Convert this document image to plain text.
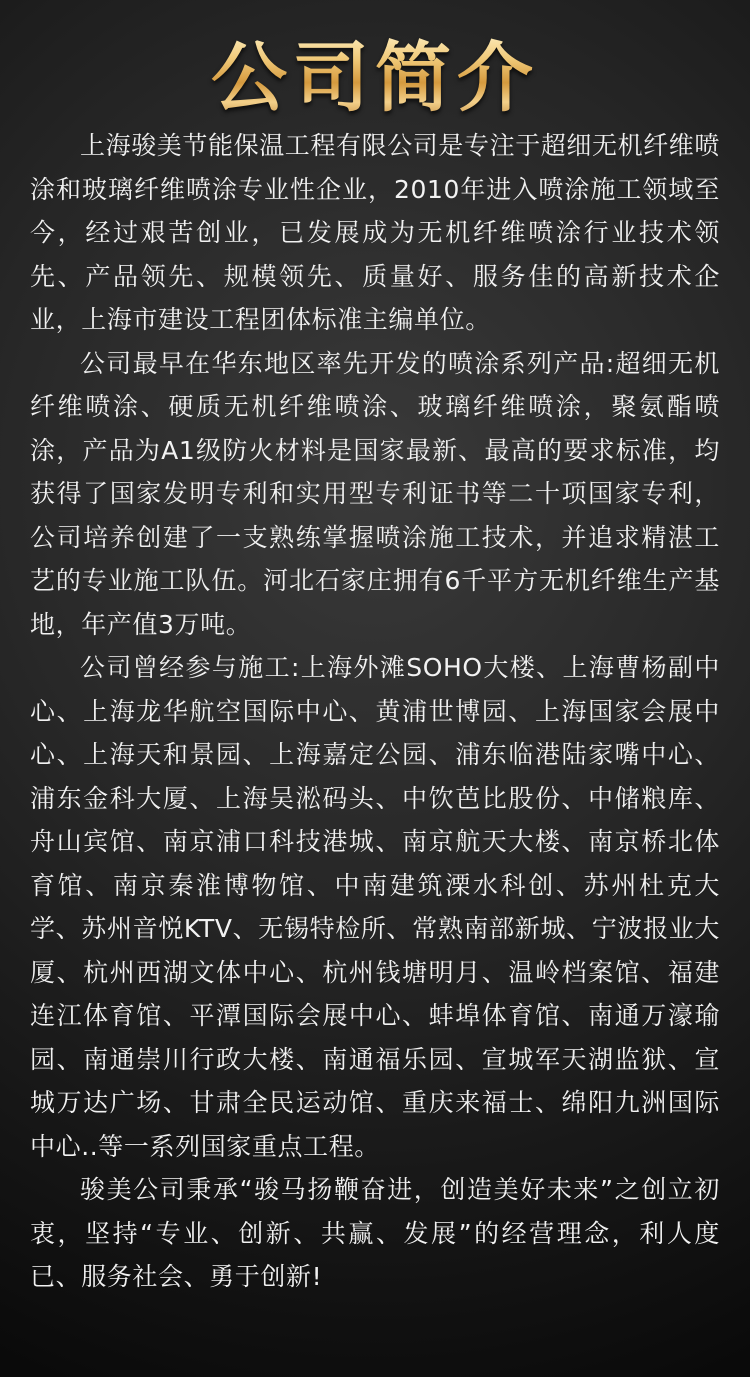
公司简介

上海骏美节能保温工程有限公司是专注于超细无机纤维喷涂和玻璃纤维喷涂专业性企业，2010年进入喷涂施工领域至今，经过艰苦创业，已发展成为无机纤维喷涂行业技术领先、产品领先、规模领先、质量好、服务佳的高新技术企业，上海市建设工程团体标准主编单位。

公司最早在华东地区率先开发的喷涂系列产品:超细无机纤维喷涂、硬质无机纤维喷涂、玻璃纤维喷涂，聚氨酯喷涂，产品为A1级防火材料是国家最新、最高的要求标准，均获得了国家发明专利和实用型专利证书等二十项国家专利，公司培养创建了一支熟练掌握喷涂施工技术，并追求精湛工艺的专业施工队伍。河北石家庄拥有6千平方无机纤维生产基地，年产值3万吨。

公司曾经参与施工:上海外滩SOHO大楼、上海曹杨副中心、上海龙华航空国际中心、黄浦世博园、上海国家会展中心、上海天和景园、上海嘉定公园、浦东临港陆家嘴中心、浦东金科大厦、上海吴淞码头、中饮芭比股份、中储粮库、舟山宾馆、南京浦口科技港城、南京航天大楼、南京桥北体育馆、南京秦淮博物馆、中南建筑溧水科创、苏州杜克大学、苏州音悦KTV、无锡特检所、常熟南部新城、宁波报业大厦、杭州西湖文体中心、杭州钱塘明月、温岭档案馆、福建连江体育馆、平潭国际会展中心、蚌埠体育馆、南通万濠瑜园、南通崇川行政大楼、南通福乐园、宣城军天湖监狱、宣城万达广场、甘肃全民运动馆、重庆来福士、绵阳九洲国际中心..等一系列国家重点工程。

骏美公司秉承“骏马扬鞭奋进，创造美好未来”之创立初衷，坚持“专业、创新、共赢、发展”的经营理念，利人度已、服务社会、勇于创新!
